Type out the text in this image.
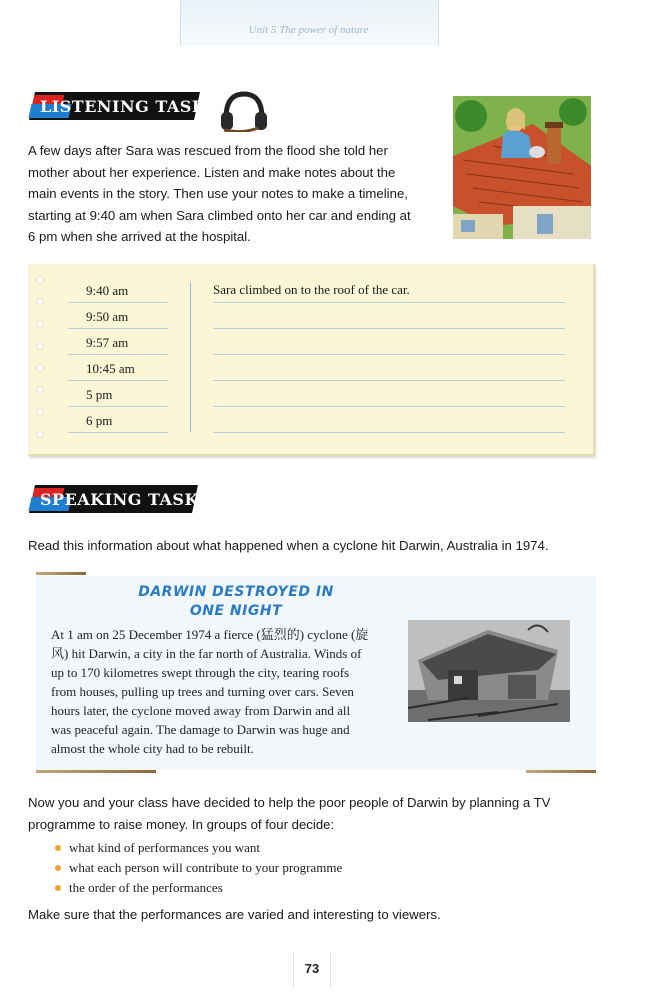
Unit 5 The power of nature
LISTENING TASK
A few days after Sara was rescued from the flood she told her
mother about her experience. Listen and make notes about the
main events in the story. Then use your notes to make a timeline,
starting at 9:40 am when Sara climbed onto her car and ending at
6 pm when she arrived at the hospital.
9:40 am
9:50 am
9:57 am
10:45 am
5 pm
6 pm
Sara climbed on to the roof of the car.
SPEAKING TASK
Read this information about what happened when a cyclone hit Darwin, Australia in 1974.
DARWIN DESTROYED IN
ONE NIGHT
At 1 am on 25 December 1974 a fierce (猛烈的) cyclone (旋
风) hit Darwin, a city in the far north of Australia. Winds of
up to 170 kilometres swept through the city, tearing roofs
from houses, pulling up trees and turning over cars. Seven
hours later, the cyclone moved away from Darwin and all
was peaceful again. The damage to Darwin was huge and
almost the whole city had to be rebuilt.
Now you and your class have decided to help the poor people of Darwin by planning a TV
programme to raise money. In groups of four decide:
what kind of performances you want
what each person will contribute to your programme
the order of the performances
Make sure that the performances are varied and interesting to viewers.
73
